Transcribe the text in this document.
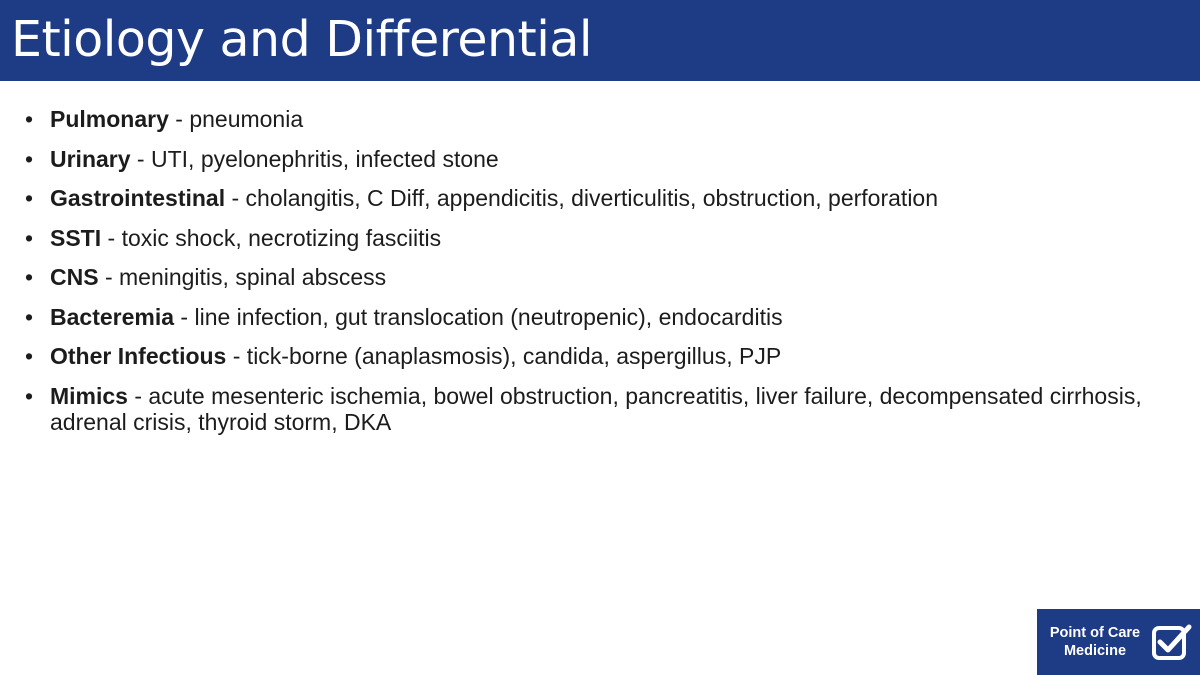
Etiology and Differential
• Pulmonary - pneumonia
• Urinary - UTI, pyelonephritis, infected stone
• Gastrointestinal - cholangitis, C Diff, appendicitis, diverticulitis, obstruction, perforation
• SSTI - toxic shock, necrotizing fasciitis
• CNS - meningitis, spinal abscess
• Bacteremia - line infection, gut translocation (neutropenic), endocarditis
• Other Infectious - tick-borne (anaplasmosis), candida, aspergillus, PJP
• Mimics - acute mesenteric ischemia, bowel obstruction, pancreatitis, liver failure, decompensated cirrhosis, adrenal crisis, thyroid storm, DKA
Point of Care
Medicine
